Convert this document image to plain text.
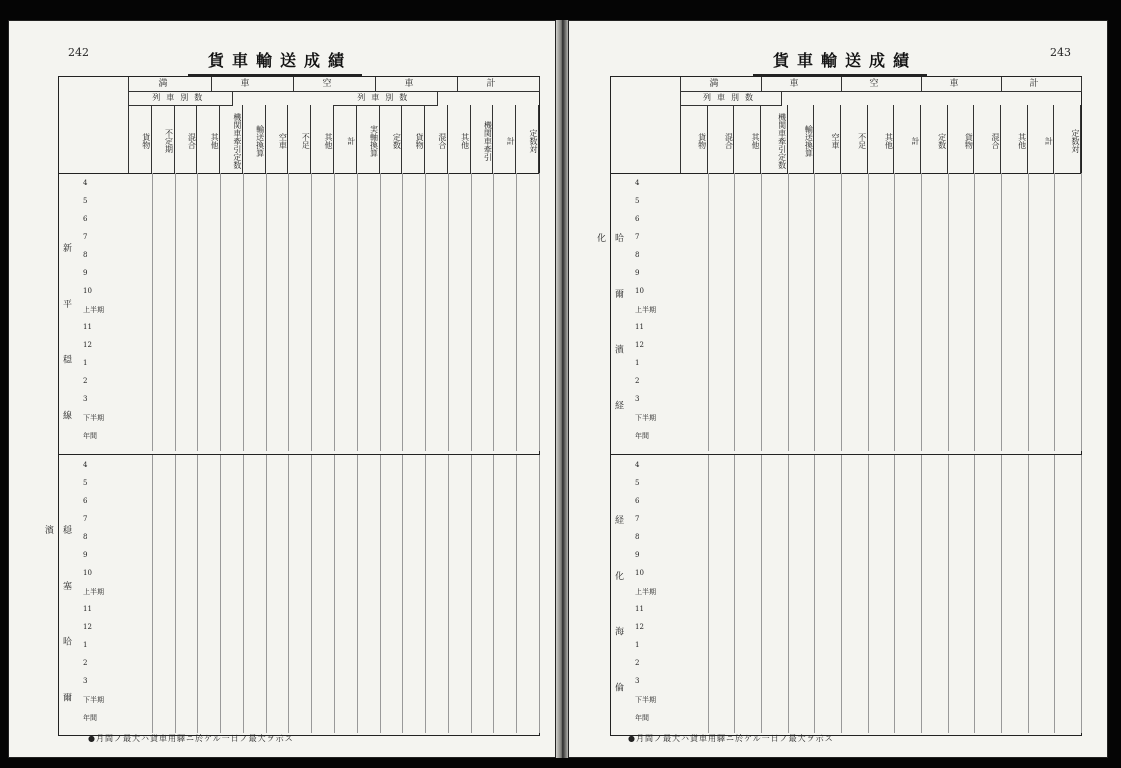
242	貨車輸送成績
満	車	空	車	計
列車別数	列車別数
貨物	不定期	混合	其他	機関車牽引定数	輸送換算	空車	不足	其他	計	実軸換算	定数	貨物	混合	其他	機関車牽引	計	定数対
新 平 穏 線
穏 塞 哈 爾 濱
4
5
6
7
8
9
10
上半期
11
12
1
2
3
下半期
年間
4
5
6
7
8
9
10
上半期
11
12
1
2
3
下半期
年間
●月間ノ最大ハ貨車用驛ニ於ケル一日ノ最大ヲ示ス
243
貨車輸送成績
満	車	空	車	計
列車別数
貨物	混合	其他	機関車牽引定数	輸送換算	空車	不足	其他	計	定数	貨物	混合	其他	計	定数対
哈 爾 濱 経 化
経 化 海 倫
4
5
6
7
8
9
10
上半期
11
12
1
2
3
下半期
年間
4
5
6
7
8
9
10
上半期
11
12
1
2
3
下半期
年間
●月間ノ最大ハ貨車用驛ニ於ケル一日ノ最大ヲ示ス
